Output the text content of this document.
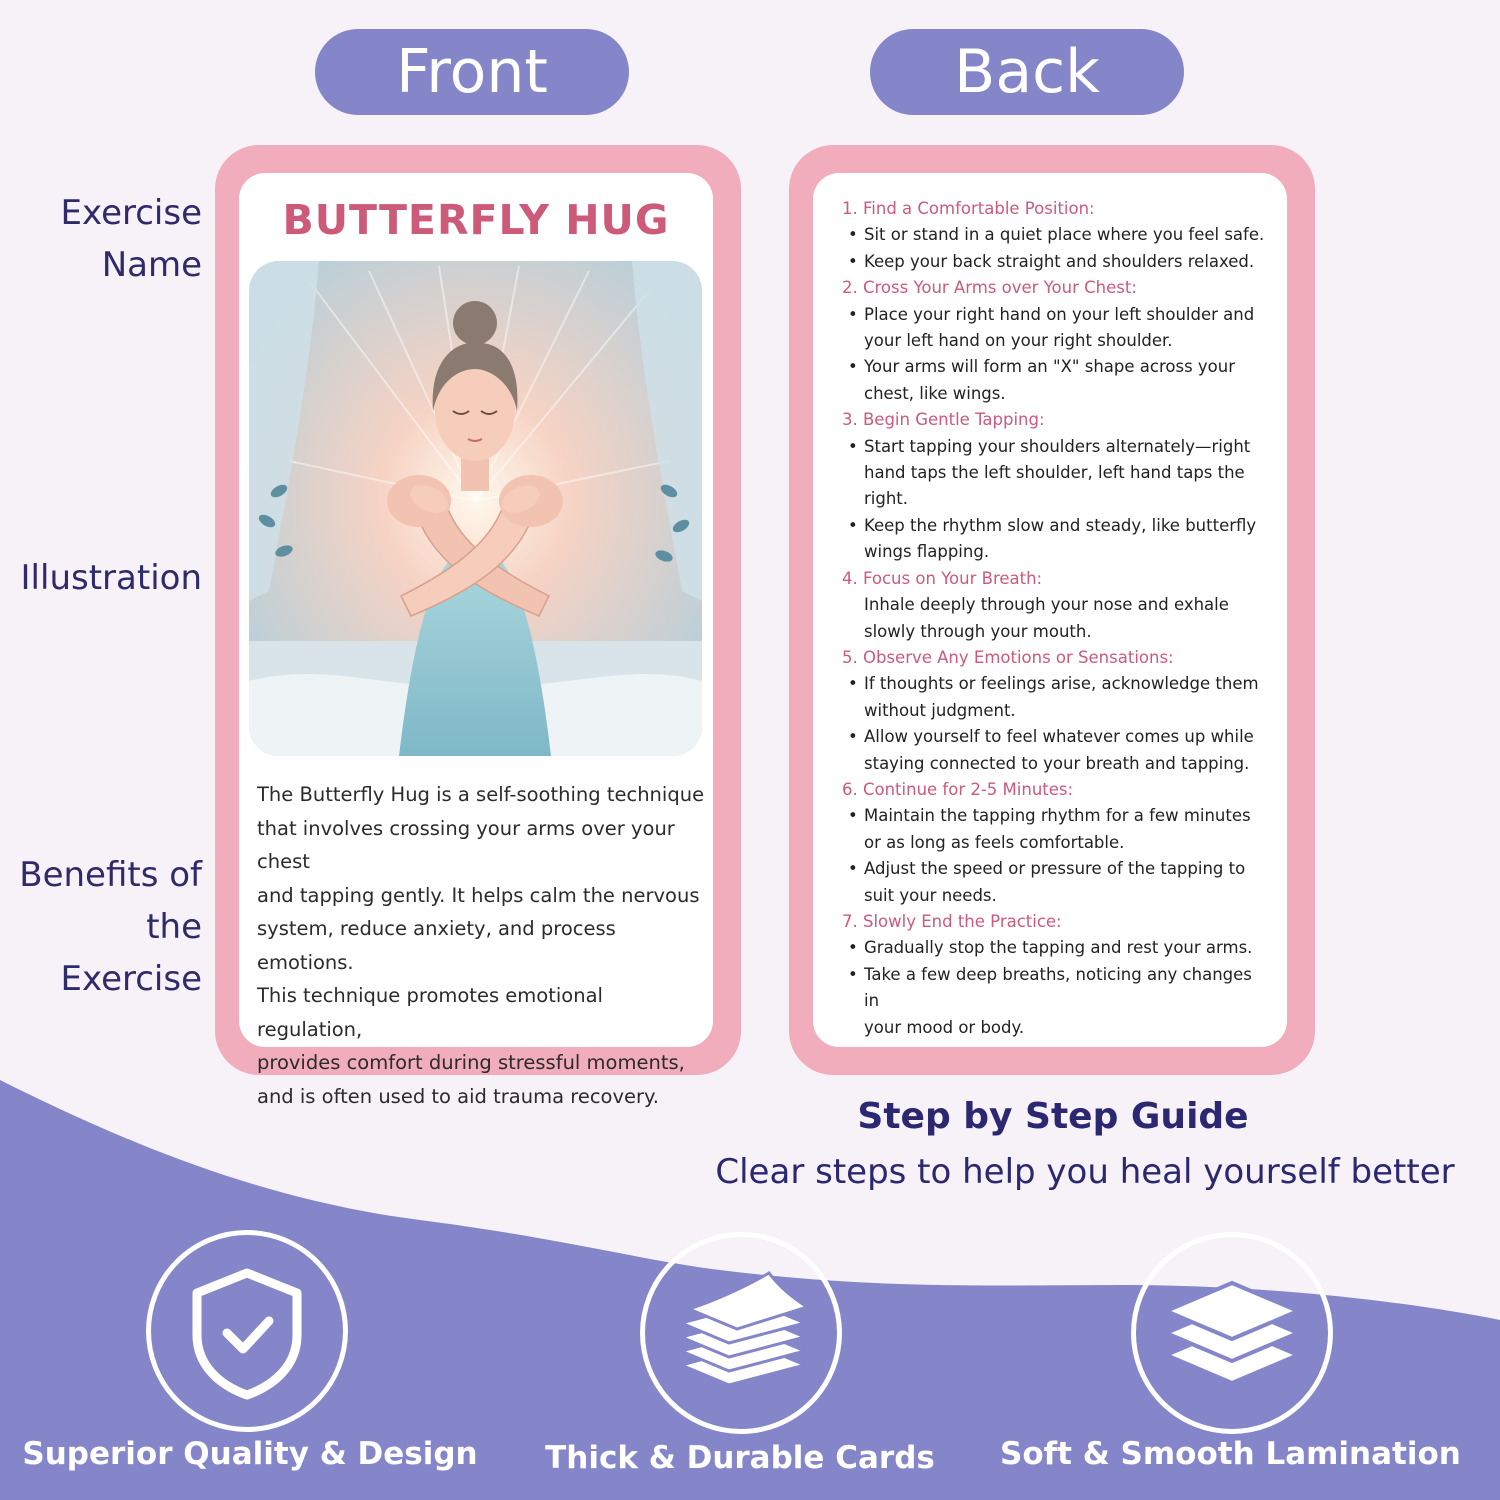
Front	Back
Exercise
Name
Illustration
Benefits of
the Exercise
BUTTERFLY HUG
The Butterfly Hug is a self-soothing technique
that involves crossing your arms over your chest
and tapping gently. It helps calm the nervous
system, reduce anxiety, and process emotions.
This technique promotes emotional regulation,
provides comfort during stressful moments,
and is often used to aid trauma recovery.
1. Find a Comfortable Position:
• Sit or stand in a quiet place where you feel safe.
• Keep your back straight and shoulders relaxed.
2. Cross Your Arms over Your Chest:
• Place your right hand on your left shoulder and
your left hand on your right shoulder.
• Your arms will form an "X" shape across your
chest, like wings.
3. Begin Gentle Tapping:
• Start tapping your shoulders alternately—right
hand taps the left shoulder, left hand taps the
right.
• Keep the rhythm slow and steady, like butterfly
wings flapping.
4. Focus on Your Breath:
Inhale deeply through your nose and exhale
slowly through your mouth.
5. Observe Any Emotions or Sensations:
• If thoughts or feelings arise, acknowledge them
without judgment.
• Allow yourself to feel whatever comes up while
staying connected to your breath and tapping.
6. Continue for 2-5 Minutes:
• Maintain the tapping rhythm for a few minutes
or as long as feels comfortable.
• Adjust the speed or pressure of the tapping to
suit your needs.
7. Slowly End the Practice:
• Gradually stop the tapping and rest your arms.
• Take a few deep breaths, noticing any changes in
your mood or body.
Step by Step Guide
Clear steps to help you heal yourself better
Superior Quality & Design Thick & Durable Cards Soft & Smooth Lamination
